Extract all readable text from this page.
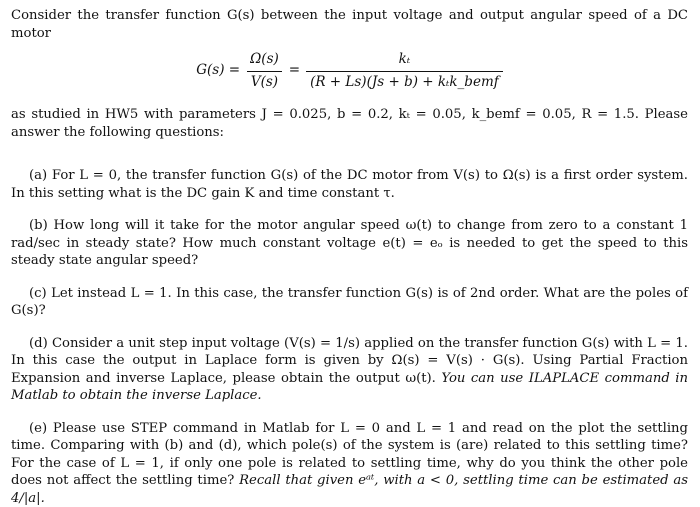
Consider the transfer function G(s) between the input voltage and output angular speed of a DC motor

$G(s) = \frac{\Omega(s)}{V(s)} = \frac{\text{kₜ}}{\text{(R + Ls)(Js + b) + kₜk\_bemf}}$

as studied in HW5 with parameters J = 0.025, b = 0.2, kₜ = 0.05, k_bemf = 0.05, R = 1.5. Please answer the following questions:

(a) For L = 0, the transfer function G(s) of the DC motor from V(s) to Ω(s) is a first order system. In this setting what is the DC gain K and time constant τ.

(b) How long will it take for the motor angular speed ω(t) to change from zero to a constant 1 rad/sec in steady state? How much constant voltage e(t) = eₒ is needed to get the speed to this steady state angular speed?

(c) Let instead L = 1. In this case, the transfer function G(s) is of 2nd order. What are the poles of G(s)?

(d) Consider a unit step input voltage (V(s) = 1/s) applied on the transfer function G(s) with L = 1. In this case the output in Laplace form is given by Ω(s) = V(s) · G(s). Using Partial Fraction Expansion and inverse Laplace, please obtain the output ω(t). You can use ILAPLACE command in Matlab to obtain the inverse Laplace.

(e) Please use STEP command in Matlab for L = 0 and L = 1 and read on the plot the settling time. Comparing with (b) and (d), which pole(s) of the system is (are) related to this settling time? For the case of L = 1, if only one pole is related to settling time, why do you think the other pole does not affect the settling time? Recall that given eᵃᵗ, with a < 0, settling time can be estimated as 4/|a|.
